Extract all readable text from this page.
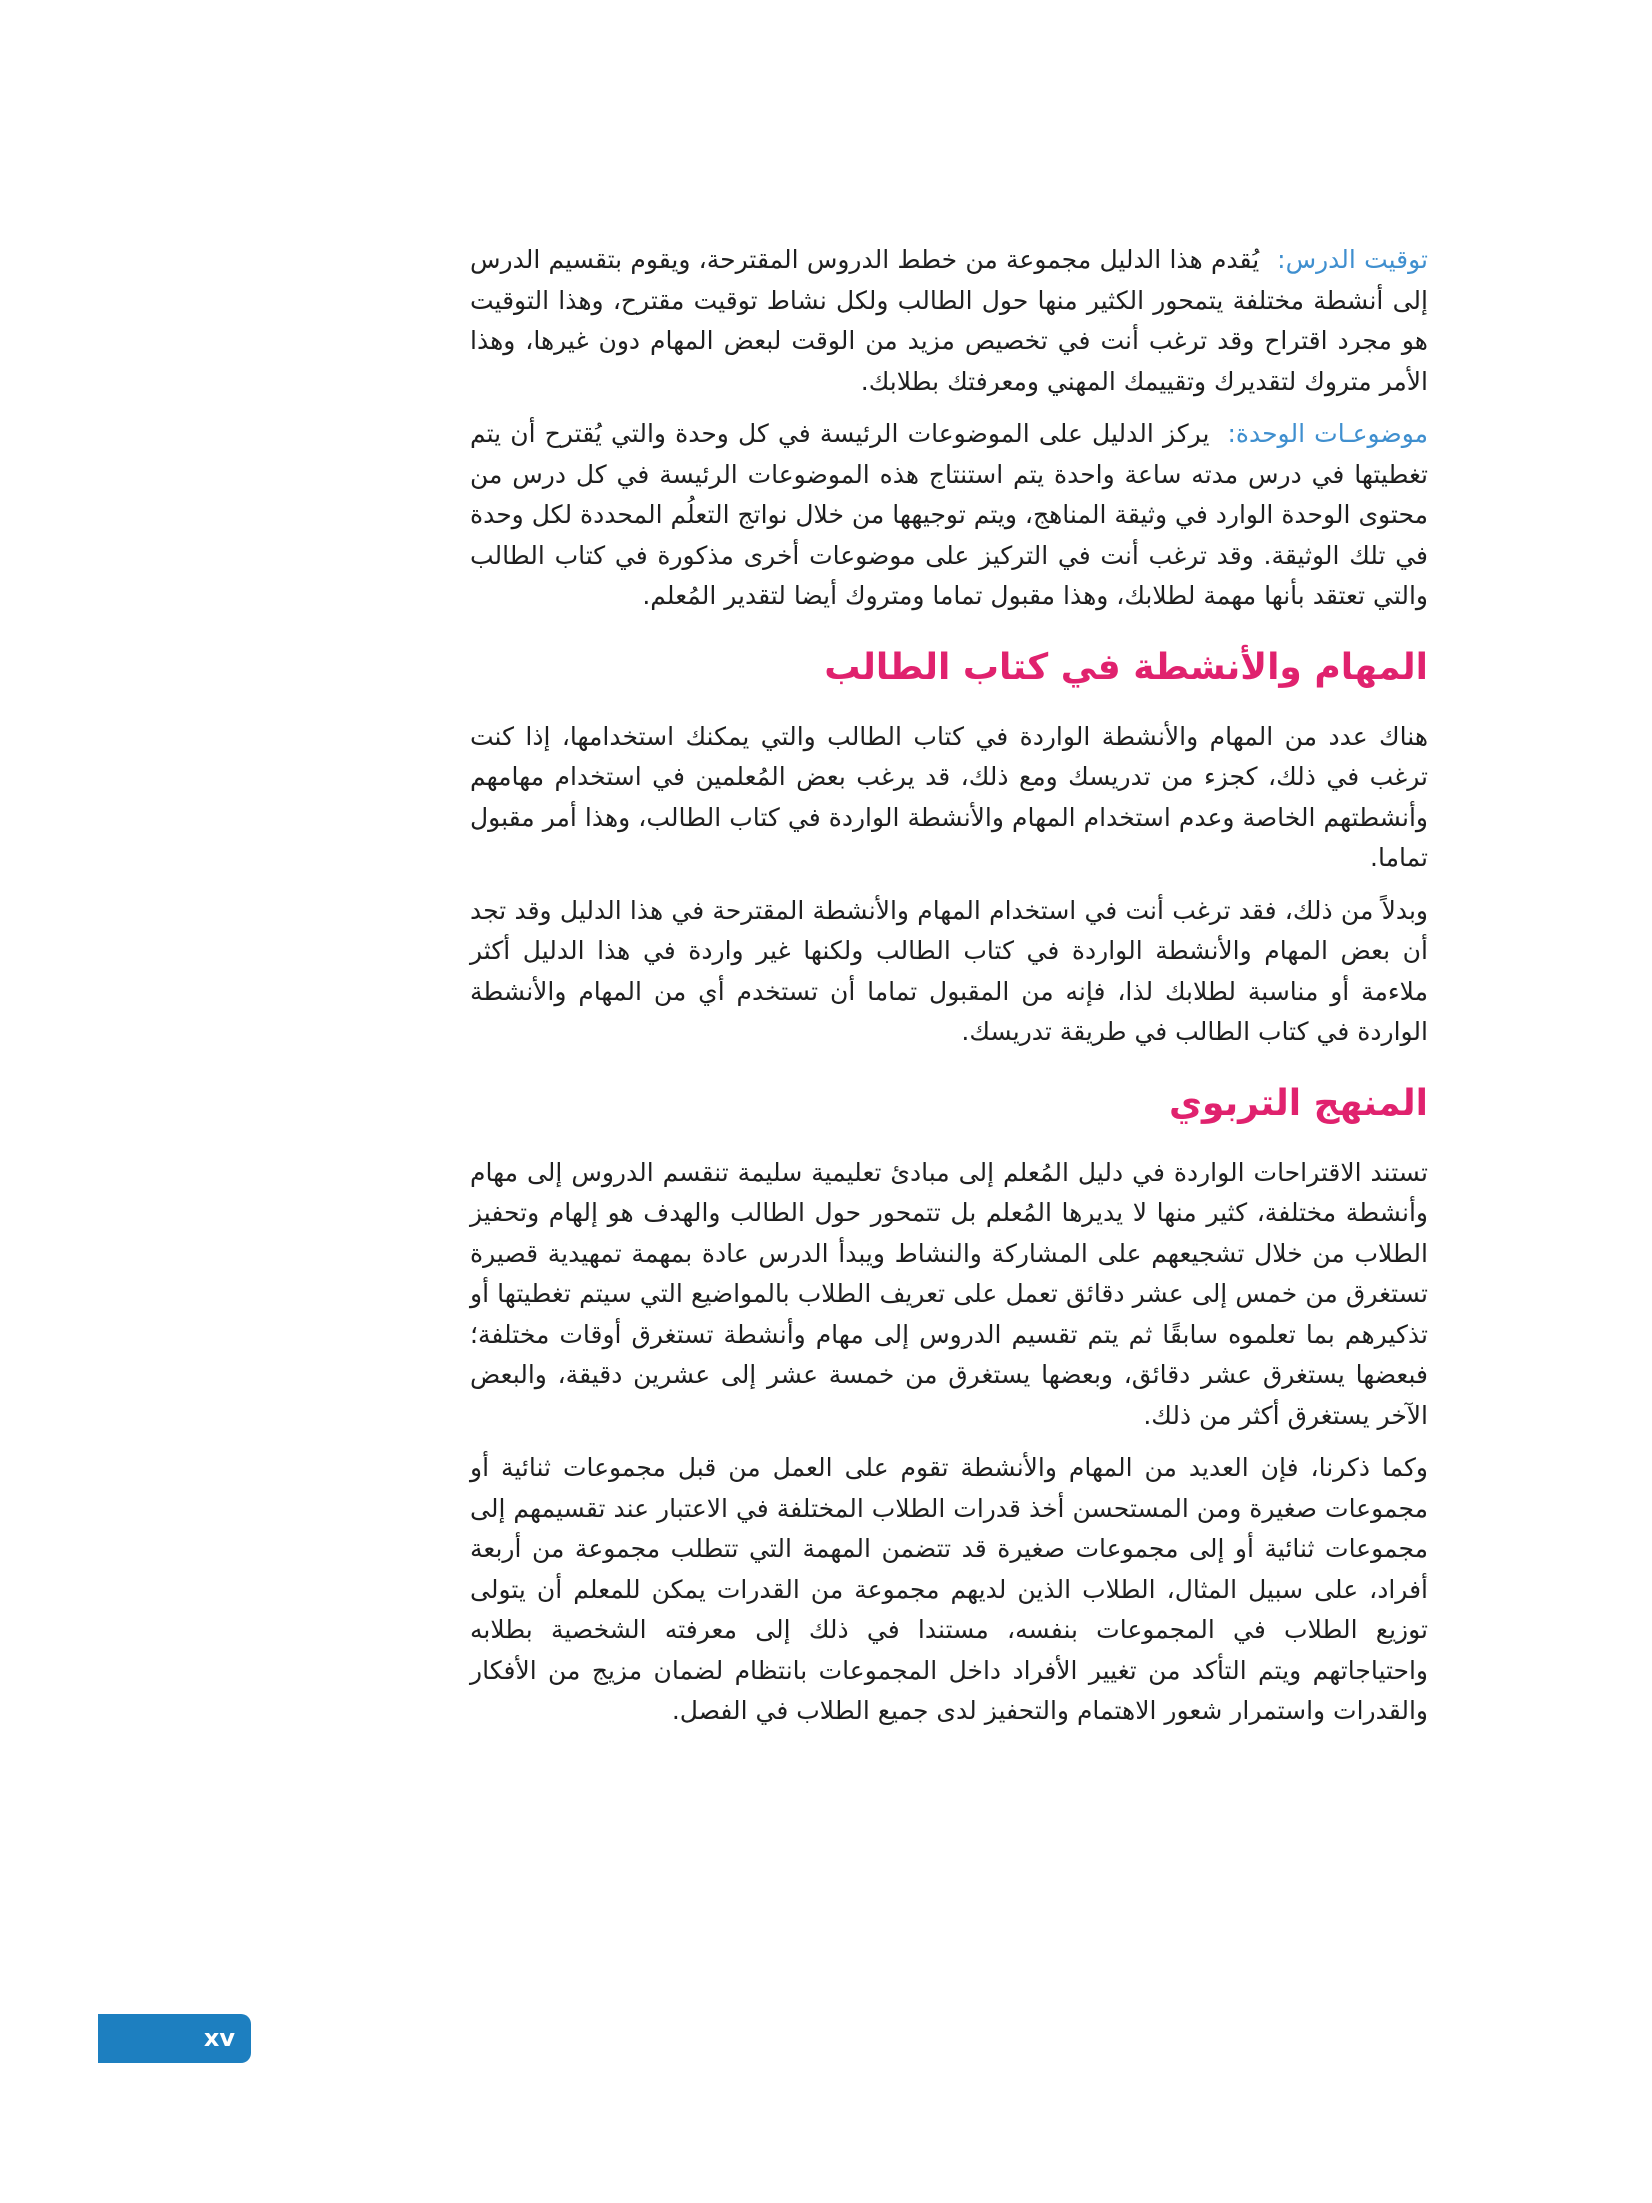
توقيت الدرس:يُقدم هذا الدليل مجموعة من خطط الدروس المقترحة، ويقوم بتقسيم الدرس إلى أنشطة مختلفة يتمحور الكثير منها حول الطالب ولكل نشاط توقيت مقترح، وهذا التوقيت هو مجرد اقتراح وقد ترغب أنت في تخصيص مزيد من الوقت لبعض المهام دون غيرها، وهذا الأمر متروك لتقديرك وتقييمك المهني ومعرفتك بطلابك.

موضوعـات الوحدة:يركز الدليل على الموضوعات الرئيسة في كل وحدة والتي يُقترح أن يتم تغطيتها في درس مدته ساعة واحدة يتم استنتاج هذه الموضوعات الرئيسة في كل درس من محتوى الوحدة الوارد في وثيقة المناهج، ويتم توجيهها من خلال نواتج التعلُم المحددة لكل وحدة في تلك الوثيقة. وقد ترغب أنت في التركيز على موضوعات أخرى مذكورة في كتاب الطالب والتي تعتقد بأنها مهمة لطلابك، وهذا مقبول تماما ومتروك أيضا لتقدير المُعلم.

المهام والأنشطة في كتاب الطالب

هناك عدد من المهام والأنشطة الواردة في كتاب الطالب والتي يمكنك استخدامها، إذا كنت ترغب في ذلك، كجزء من تدريسك ومع ذلك، قد يرغب بعض المُعلمين في استخدام مهامهم وأنشطتهم الخاصة وعدم استخدام المهام والأنشطة الواردة في كتاب الطالب، وهذا أمر مقبول تماما.

وبدلاً من ذلك، فقد ترغب أنت في استخدام المهام والأنشطة المقترحة في هذا الدليل وقد تجد أن بعض المهام والأنشطة الواردة في كتاب الطالب ولكنها غير واردة في هذا الدليل أكثر ملاءمة أو مناسبة لطلابك لذا، فإنه من المقبول تماما أن تستخدم أي من المهام والأنشطة الواردة في كتاب الطالب في طريقة تدريسك.

المنهج التربوي

تستند الاقتراحات الواردة في دليل المُعلم إلى مبادئ تعليمية سليمة تنقسم الدروس إلى مهام وأنشطة مختلفة، كثير منها لا يديرها المُعلم بل تتمحور حول الطالب والهدف هو إلهام وتحفيز الطلاب من خلال تشجيعهم على المشاركة والنشاط ويبدأ الدرس عادة بمهمة تمهيدية قصيرة تستغرق من خمس إلى عشر دقائق تعمل على تعريف الطلاب بالمواضيع التي سيتم تغطيتها أو تذكيرهم بما تعلموه سابقًا ثم يتم تقسيم الدروس إلى مهام وأنشطة تستغرق أوقات مختلفة؛ فبعضها يستغرق عشر دقائق، وبعضها يستغرق من خمسة عشر إلى عشرين دقيقة، والبعض الآخر يستغرق أكثر من ذلك.

وكما ذكرنا، فإن العديد من المهام والأنشطة تقوم على العمل من قبل مجموعات ثنائية أو مجموعات صغيرة ومن المستحسن أخذ قدرات الطلاب المختلفة في الاعتبار عند تقسيمهم إلى مجموعات ثنائية أو إلى مجموعات صغيرة قد تتضمن المهمة التي تتطلب مجموعة من أربعة أفراد، على سبيل المثال، الطلاب الذين لديهم مجموعة من القدرات يمكن للمعلم أن يتولى توزيع الطلاب في المجموعات بنفسه، مستندا في ذلك إلى معرفته الشخصية بطلابه واحتياجاتهم ويتم التأكد من تغيير الأفراد داخل المجموعات بانتظام لضمان مزيج من الأفكار والقدرات واستمرار شعور الاهتمام والتحفيز لدى جميع الطلاب في الفصل.

xv
